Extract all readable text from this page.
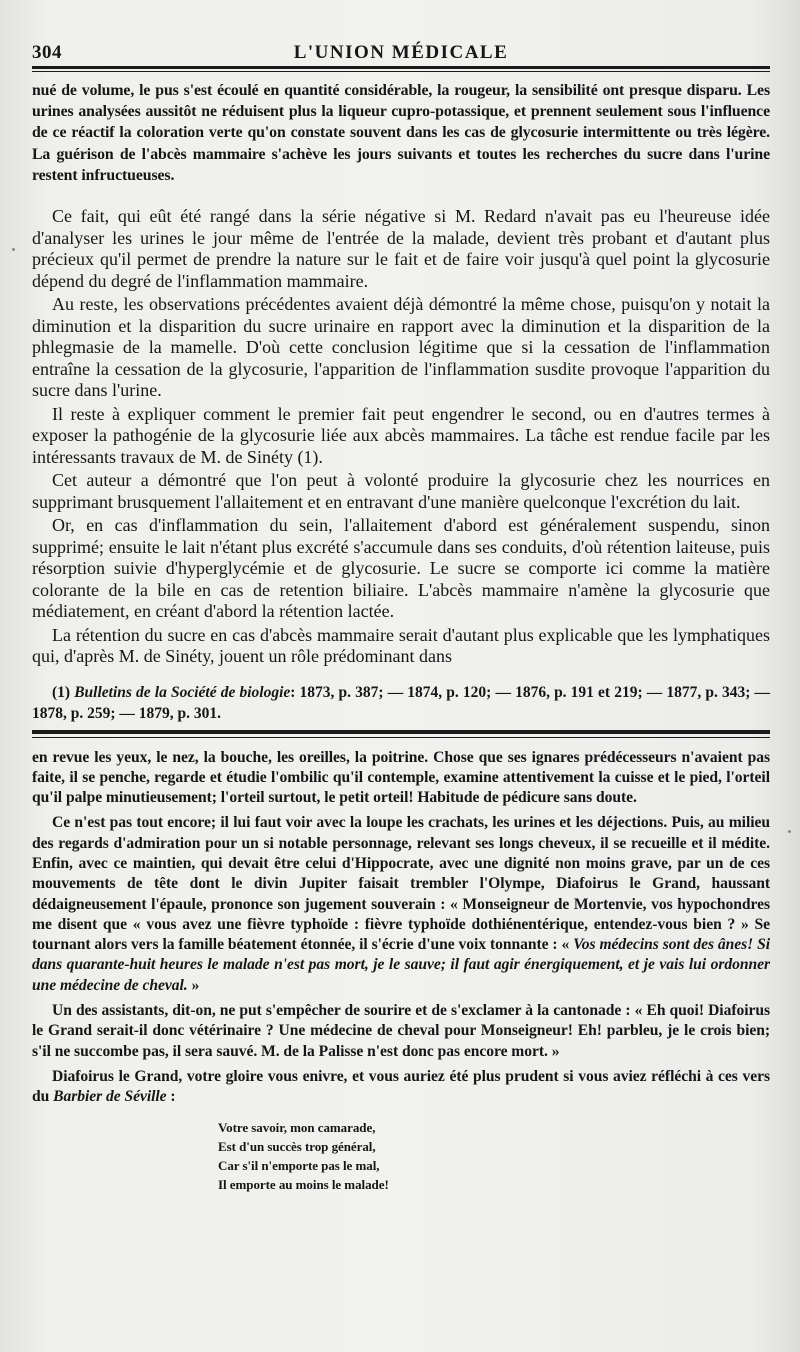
304	L'UNION MÉDICALE

nué de volume, le pus s'est écoulé en quantité considérable, la rougeur, la sensibilité ont presque disparu. Les urines analysées aussitôt ne réduisent plus la liqueur cupro-potassique, et prennent seulement sous l'influence de ce réactif la coloration verte qu'on constate souvent dans les cas de glycosurie intermittente ou très légère. La guérison de l'abcès mammaire s'achève les jours suivants et toutes les recherches du sucre dans l'urine restent infructueuses.

Ce fait, qui eût été rangé dans la série négative si M. Redard n'avait pas eu l'heureuse idée d'analyser les urines le jour même de l'entrée de la malade, devient très probant et d'autant plus précieux qu'il permet de prendre la nature sur le fait et de faire voir jusqu'à quel point la glycosurie dépend du degré de l'inflammation mammaire.

Au reste, les observations précédentes avaient déjà démontré la même chose, puisqu'on y notait la diminution et la disparition du sucre urinaire en rapport avec la diminution et la disparition de la phlegmasie de la mamelle. D'où cette conclusion légitime que si la cessation de l'inflammation entraîne la cessation de la glycosurie, l'apparition de l'inflammation susdite provoque l'apparition du sucre dans l'urine.

Il reste à expliquer comment le premier fait peut engendrer le second, ou en d'autres termes à exposer la pathogénie de la glycosurie liée aux abcès mammaires. La tâche est rendue facile par les intéressants travaux de M. de Sinéty (1).

Cet auteur a démontré que l'on peut à volonté produire la glycosurie chez les nourrices en supprimant brusquement l'allaitement et en entravant d'une manière quelconque l'excrétion du lait.

Or, en cas d'inflammation du sein, l'allaitement d'abord est généralement suspendu, sinon supprimé; ensuite le lait n'étant plus excrété s'accumule dans ses conduits, d'où rétention laiteuse, puis résorption suivie d'hyperglycémie et de glycosurie. Le sucre se comporte ici comme la matière colorante de la bile en cas de retention biliaire. L'abcès mammaire n'amène la glycosurie que médiatement, en créant d'abord la rétention lactée.

La rétention du sucre en cas d'abcès mammaire serait d'autant plus explicable que les lymphatiques qui, d'après M. de Sinéty, jouent un rôle prédominant dans

(1) Bulletins de la Société de biologie: 1873, p. 387; — 1874, p. 120; — 1876, p. 191 et 219; — 1877, p. 343; — 1878, p. 259; — 1879, p. 301.

en revue les yeux, le nez, la bouche, les oreilles, la poitrine. Chose que ses ignares prédécesseurs n'avaient pas faite, il se penche, regarde et étudie l'ombilic qu'il contemple, examine attentivement la cuisse et le pied, l'orteil qu'il palpe minutieusement; l'orteil surtout, le petit orteil! Habitude de pédicure sans doute.

Ce n'est pas tout encore; il lui faut voir avec la loupe les crachats, les urines et les déjections. Puis, au milieu des regards d'admiration pour un si notable personnage, relevant ses longs cheveux, il se recueille et il médite. Enfin, avec ce maintien, qui devait être celui d'Hippocrate, avec une dignité non moins grave, par un de ces mouvements de tête dont le divin Jupiter faisait trembler l'Olympe, Diafoirus le Grand, haussant dédaigneusement l'épaule, prononce son jugement souverain : « Monseigneur de Mortenvie, vos hypochondres me disent que « vous avez une fièvre typhoïde : fièvre typhoïde dothiénentérique, entendez-vous bien ? » Se tournant alors vers la famille béatement étonnée, il s'écrie d'une voix tonnante : « Vos médecins sont des ânes! Si dans quarante-huit heures le malade n'est pas mort, je le sauve; il faut agir énergiquement, et je vais lui ordonner une médecine de cheval. »

Un des assistants, dit-on, ne put s'empêcher de sourire et de s'exclamer à la cantonade : « Eh quoi! Diafoirus le Grand serait-il donc vétérinaire ? Une médecine de cheval pour Monseigneur! Eh! parbleu, je le crois bien; s'il ne succombe pas, il sera sauvé. M. de la Palisse n'est donc pas encore mort. »

Diafoirus le Grand, votre gloire vous enivre, et vous auriez été plus prudent si vous aviez réfléchi à ces vers du Barbier de Séville :

Votre savoir, mon camarade,
Est d'un succès trop général,
Car s'il n'emporte pas le mal,
Il emporte au moins le malade!
